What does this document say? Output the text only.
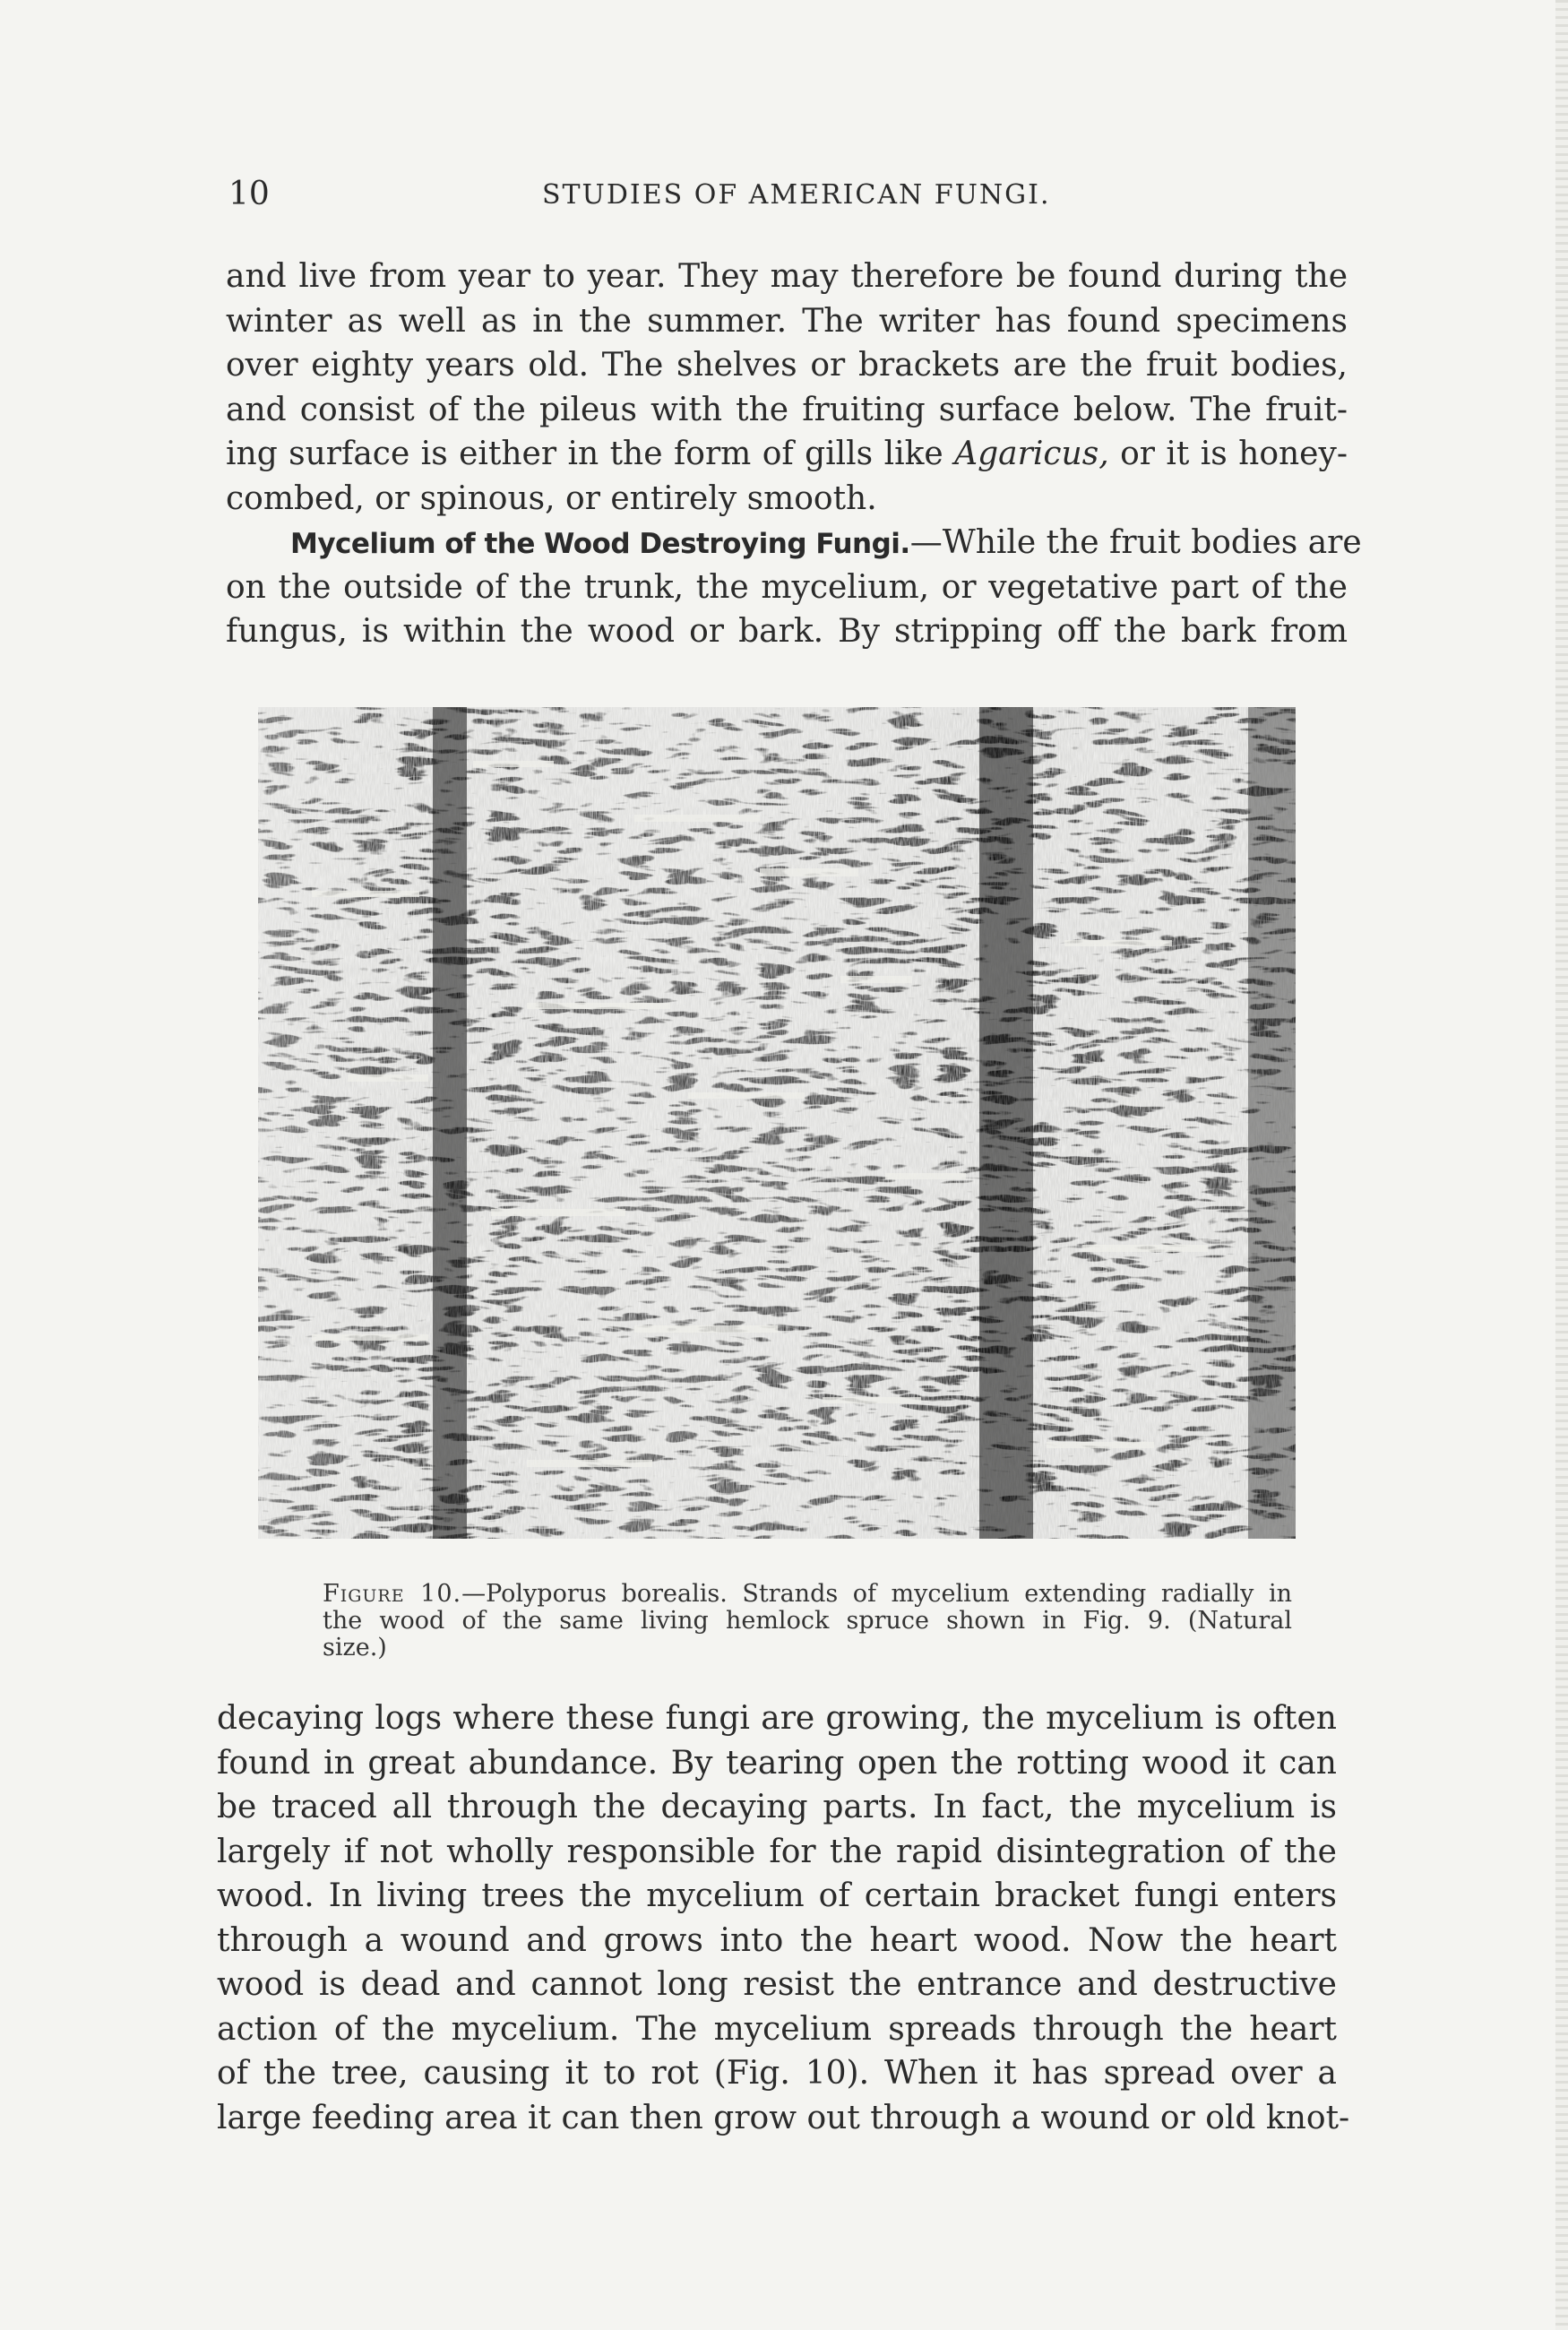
10	STUDIES OF AMERICAN FUNGI.
and live from year to year. They may therefore be found during the
winter as well as in the summer. The writer has found specimens
over eighty years old. The shelves or brackets are the fruit bodies,
and consist of the pileus with the fruiting surface below. The fruit-
ing surface is either in the form of gills like Agaricus, or it is honey-
combed, or spinous, or entirely smooth.
Mycelium of the Wood Destroying Fungi.—While the fruit bodies are
on the outside of the trunk, the mycelium, or vegetative part of the
fungus, is within the wood or bark. By stripping off the bark from
Figure 10.—Polyporus borealis. Strands of mycelium extending radially in
the wood of the same living hemlock spruce shown in Fig. 9. (Natural
size.)
decaying logs where these fungi are growing, the mycelium is often
found in great abundance. By tearing open the rotting wood it can
be traced all through the decaying parts. In fact, the mycelium is
largely if not wholly responsible for the rapid disintegration of the
wood. In living trees the mycelium of certain bracket fungi enters
through a wound and grows into the heart wood. Now the heart
wood is dead and cannot long resist the entrance and destructive
action of the mycelium. The mycelium spreads through the heart
of the tree, causing it to rot (Fig. 10). When it has spread over a
large feeding area it can then grow out through a wound or old knot-
